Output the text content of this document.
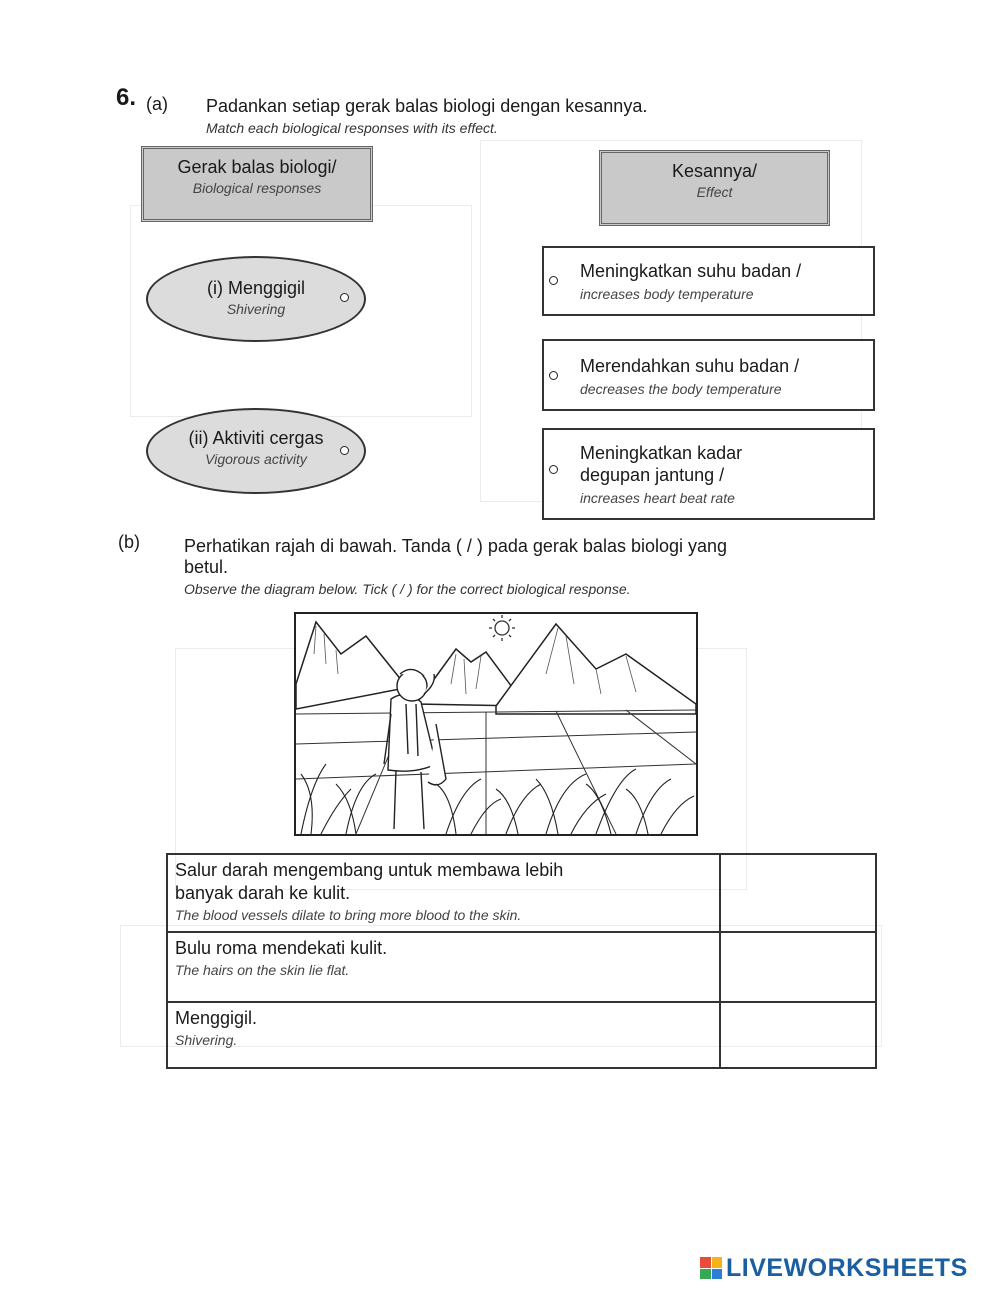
6. (a) Padankan setiap gerak balas biologi dengan kesannya.
Match each biological responses with its effect.
Gerak balas biologi/
Biological responses
Kesannya/
Effect
(i) Menggigil
Shivering
(ii) Aktiviti cergas
Vigorous activity
Meningkatkan suhu badan /
increases body temperature
Merendahkan suhu badan /
decreases the body temperature
Meningkatkan kadar
degupan jantung /
increases heart beat rate
(b) Perhatikan rajah di bawah. Tanda ( / ) pada gerak balas biologi yang
betul.
Observe the diagram below. Tick ( / ) for the correct biological response.
Salur darah mengembang untuk membawa lebih
banyak darah ke kulit.
The blood vessels dilate to bring more blood to the skin.	

Bulu roma mendekati kulit.
The hairs on the skin lie flat.	

Menggigil.
Shivering.	

LIVEWORKSHEETS
